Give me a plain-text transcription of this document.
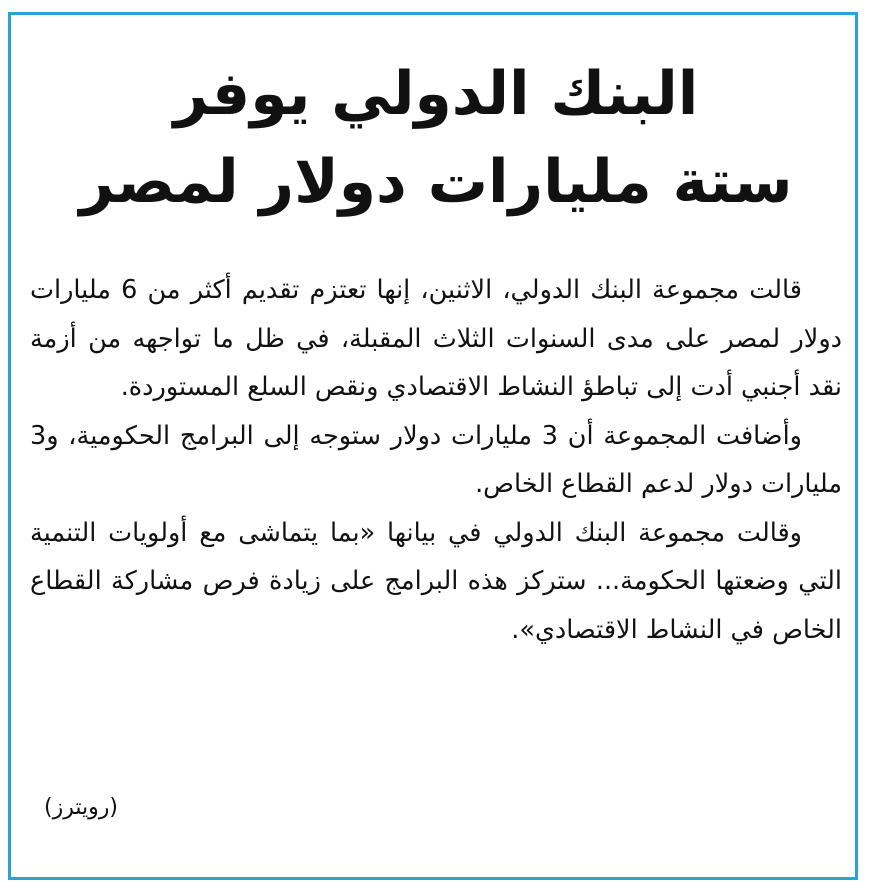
البنك الدولي يوفر
ستة مليارات دولار لمصر

قالت مجموعة البنك الدولي، الاثنين، إنها تعتزم تقديم أكثر من 6 مليارات دولار لمصر على مدى السنوات الثلاث المقبلة، في ظل ما تواجهه من أزمة نقد أجنبي أدت إلى تباطؤ النشاط الاقتصادي ونقص السلع المستوردة.

وأضافت المجموعة أن 3 مليارات دولار ستوجه إلى البرامج الحكومية، و3 مليارات دولار لدعم القطاع الخاص.

وقالت مجموعة البنك الدولي في بيانها «بما يتماشى مع أولويات التنمية التي وضعتها الحكومة... ستركز هذه البرامج على زيادة فرص مشاركة القطاع الخاص في النشاط الاقتصادي».

(رويترز)
